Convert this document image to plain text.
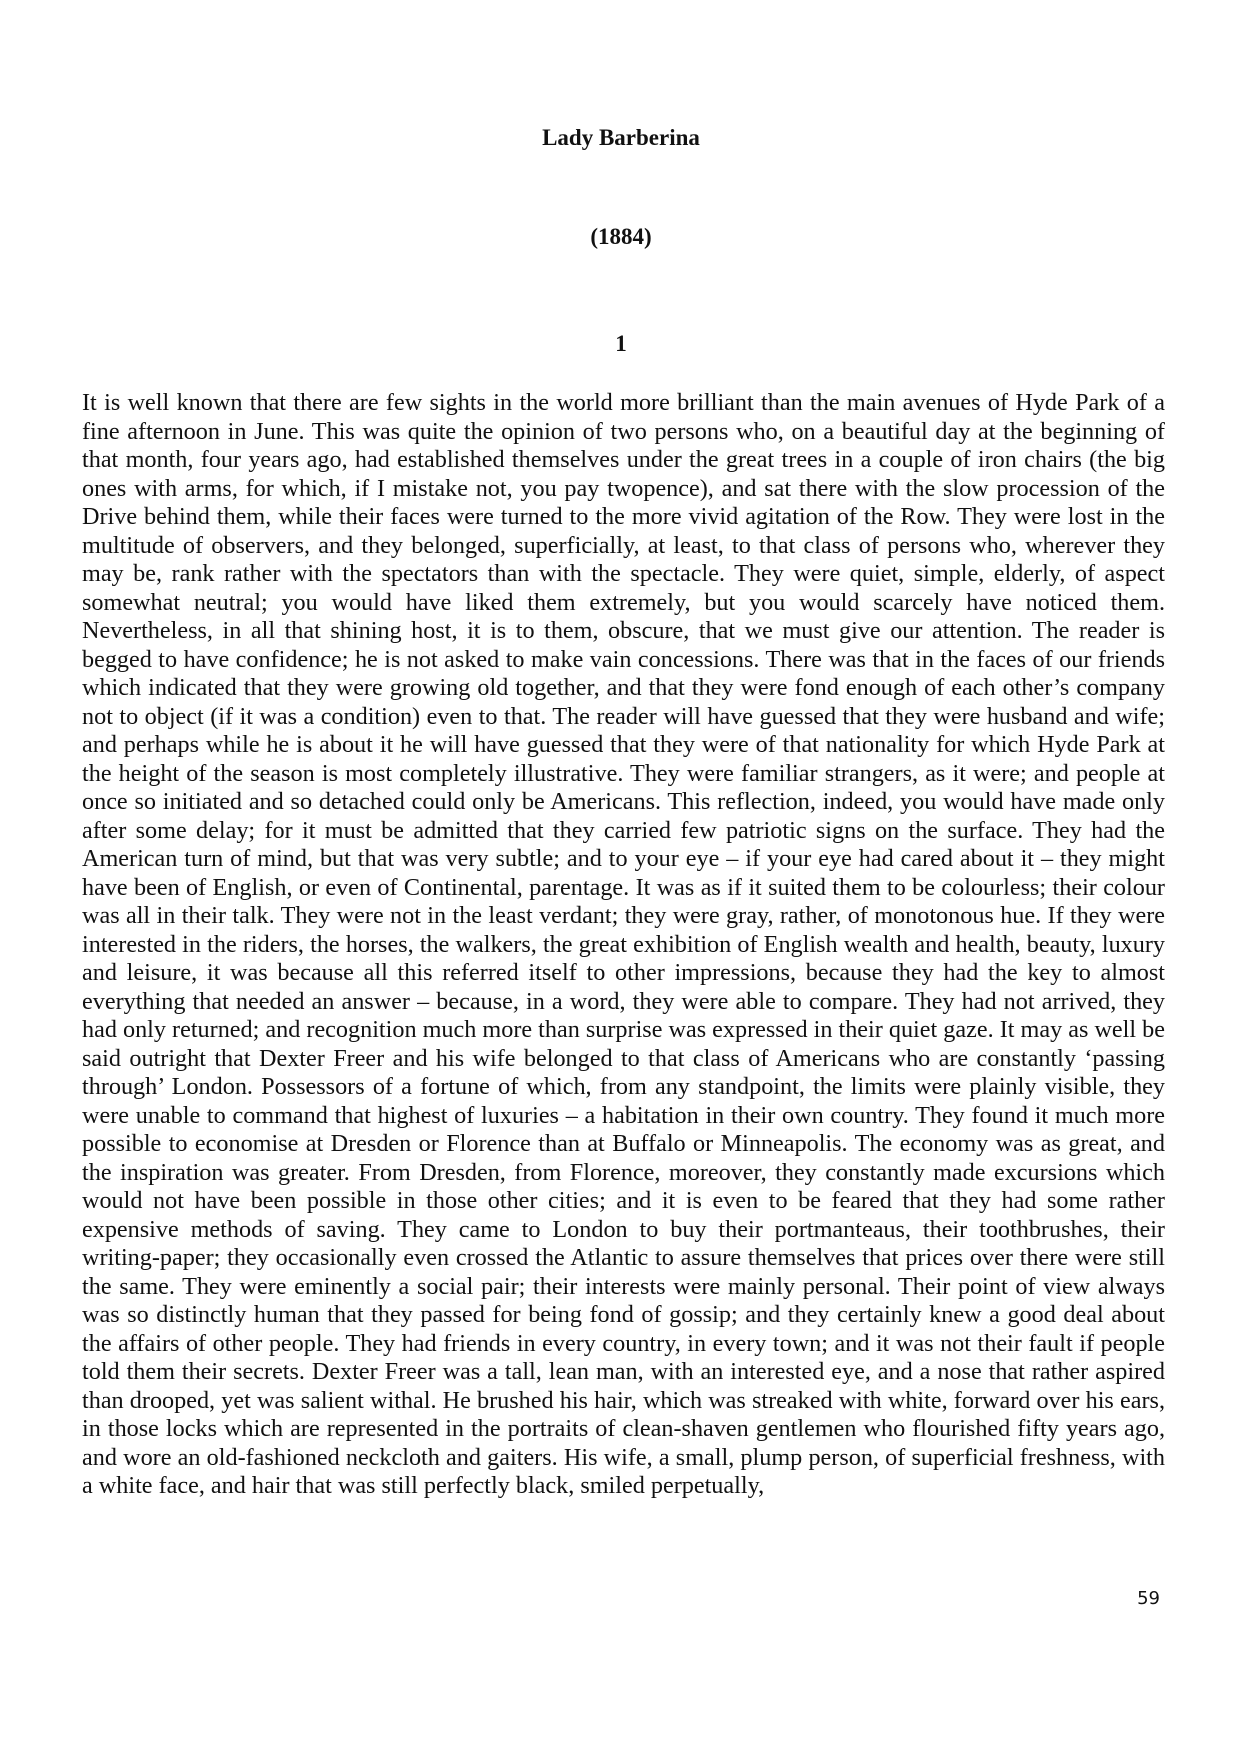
Lady Barberina
(1884)
1

It is well known that there are few sights in the world more brilliant than the main avenues of Hyde Park of a fine afternoon in June. This was quite the opinion of two persons who, on a beautiful day at the beginning of that month, four years ago, had established themselves under the great trees in a couple of iron chairs (the big ones with arms, for which, if I mistake not, you pay twopence), and sat there with the slow procession of the Drive behind them, while their faces were turned to the more vivid agitation of the Row. They were lost in the multitude of observers, and they belonged, superficially, at least, to that class of persons who, wherever they may be, rank rather with the spectators than with the spectacle. They were quiet, simple, elderly, of aspect somewhat neutral; you would have liked them extremely, but you would scarcely have noticed them. Nevertheless, in all that shining host, it is to them, obscure, that we must give our attention. The reader is begged to have confidence; he is not asked to make vain concessions. There was that in the faces of our friends which indicated that they were growing old together, and that they were fond enough of each other’s company not to object (if it was a condition) even to that. The reader will have guessed that they were husband and wife; and perhaps while he is about it he will have guessed that they were of that nationality for which Hyde Park at the height of the season is most completely illustrative. They were familiar strangers, as it were; and people at once so initiated and so detached could only be Americans. This reflection, indeed, you would have made only after some delay; for it must be admitted that they carried few patriotic signs on the surface. They had the American turn of mind, but that was very subtle; and to your eye – if your eye had cared about it – they might have been of English, or even of Continental, parentage. It was as if it suited them to be colourless; their colour was all in their talk. They were not in the least verdant; they were gray, rather, of monotonous hue. If they were interested in the riders, the horses, the walkers, the great exhibition of English wealth and health, beauty, luxury and leisure, it was because all this referred itself to other impressions, because they had the key to almost everything that needed an answer – because, in a word, they were able to compare. They had not arrived, they had only returned; and recognition much more than surprise was expressed in their quiet gaze. It may as well be said outright that Dexter Freer and his wife belonged to that class of Americans who are constantly ‘passing through’ London. Possessors of a fortune of which, from any standpoint, the limits were plainly visible, they were unable to command that highest of luxuries – a habitation in their own country. They found it much more possible to economise at Dresden or Florence than at Buffalo or Minneapolis. The economy was as great, and the inspiration was greater. From Dresden, from Florence, moreover, they constantly made excursions which would not have been possible in those other cities; and it is even to be feared that they had some rather expensive methods of saving. They came to London to buy their portmanteaus, their toothbrushes, their writing-paper; they occasionally even crossed the Atlantic to assure themselves that prices over there were still the same. They were eminently a social pair; their interests were mainly personal. Their point of view always was so distinctly human that they passed for being fond of gossip; and they certainly knew a good deal about the affairs of other people. They had friends in every country, in every town; and it was not their fault if people told them their secrets. Dexter Freer was a tall, lean man, with an interested eye, and a nose that rather aspired than drooped, yet was salient withal. He brushed his hair, which was streaked with white, forward over his ears, in those locks which are represented in the portraits of clean-shaven gentlemen who flourished fifty years ago, and wore an old-fashioned neckcloth and gaiters. His wife, a small, plump person, of superficial freshness, with a white face, and hair that was still perfectly black, smiled perpetually,

59
